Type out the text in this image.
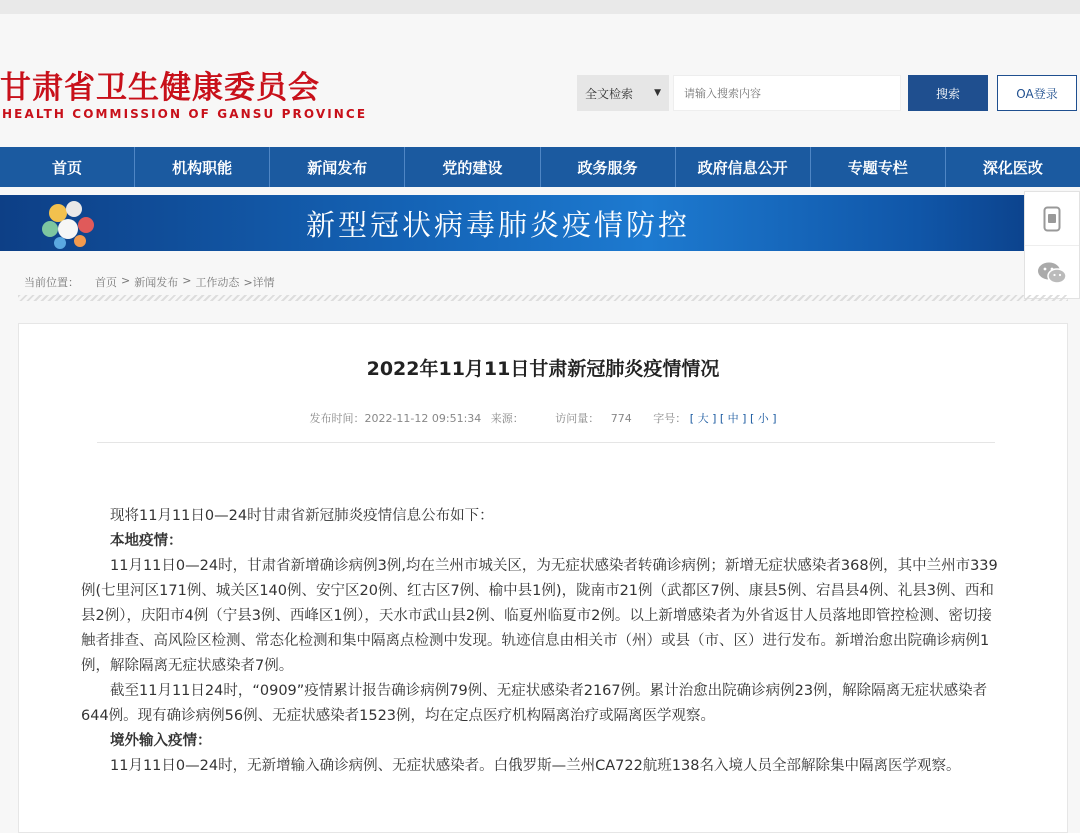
甘肃省卫生健康委员会
HEALTH COMMISSION OF GANSU PROVINCE
全文检索 ▼
请输入搜索内容	搜索	OA登录
首页	机构职能	新闻发布	党的建设	政务服务	政府信息公开	专题专栏	深化医改
新型冠状病毒肺炎疫情防控
当前位置： 首页 > 新闻发布 > 工作动态 >详情
2022年11月11日甘肃新冠肺炎疫情情况
发布时间：2022-11-12 09:51:34 来源：	访问量： 774 字号： [ 大 ] [ 中 ] [ 小 ]

现将11月11日0—24时甘肃省新冠肺炎疫情信息公布如下：

本地疫情：

11月11日0—24时，甘肃省新增确诊病例3例,均在兰州市城关区，为无症状感染者转确诊病例；新增无症状感染者368例，其中兰州市339例(七里河区171例、城关区140例、安宁区20例、红古区7例、榆中县1例)，陇南市21例（武都区7例、康县5例、宕昌县4例、礼县3例、西和县2例），庆阳市4例（宁县3例、西峰区1例），天水市武山县2例、临夏州临夏市2例。以上新增感染者为外省返甘人员落地即管控检测、密切接触者排查、高风险区检测、常态化检测和集中隔离点检测中发现。轨迹信息由相关市（州）或县（市、区）进行发布。新增治愈出院确诊病例1例，解除隔离无症状感染者7例。

截至11月11日24时，“0909”疫情累计报告确诊病例79例、无症状感染者2167例。累计治愈出院确诊病例23例，解除隔离无症状感染者644例。现有确诊病例56例、无症状感染者1523例，均在定点医疗机构隔离治疗或隔离医学观察。

境外输入疫情：

11月11日0—24时，无新增输入确诊病例、无症状感染者。白俄罗斯—兰州CA722航班138名入境人员全部解除集中隔离医学观察。
